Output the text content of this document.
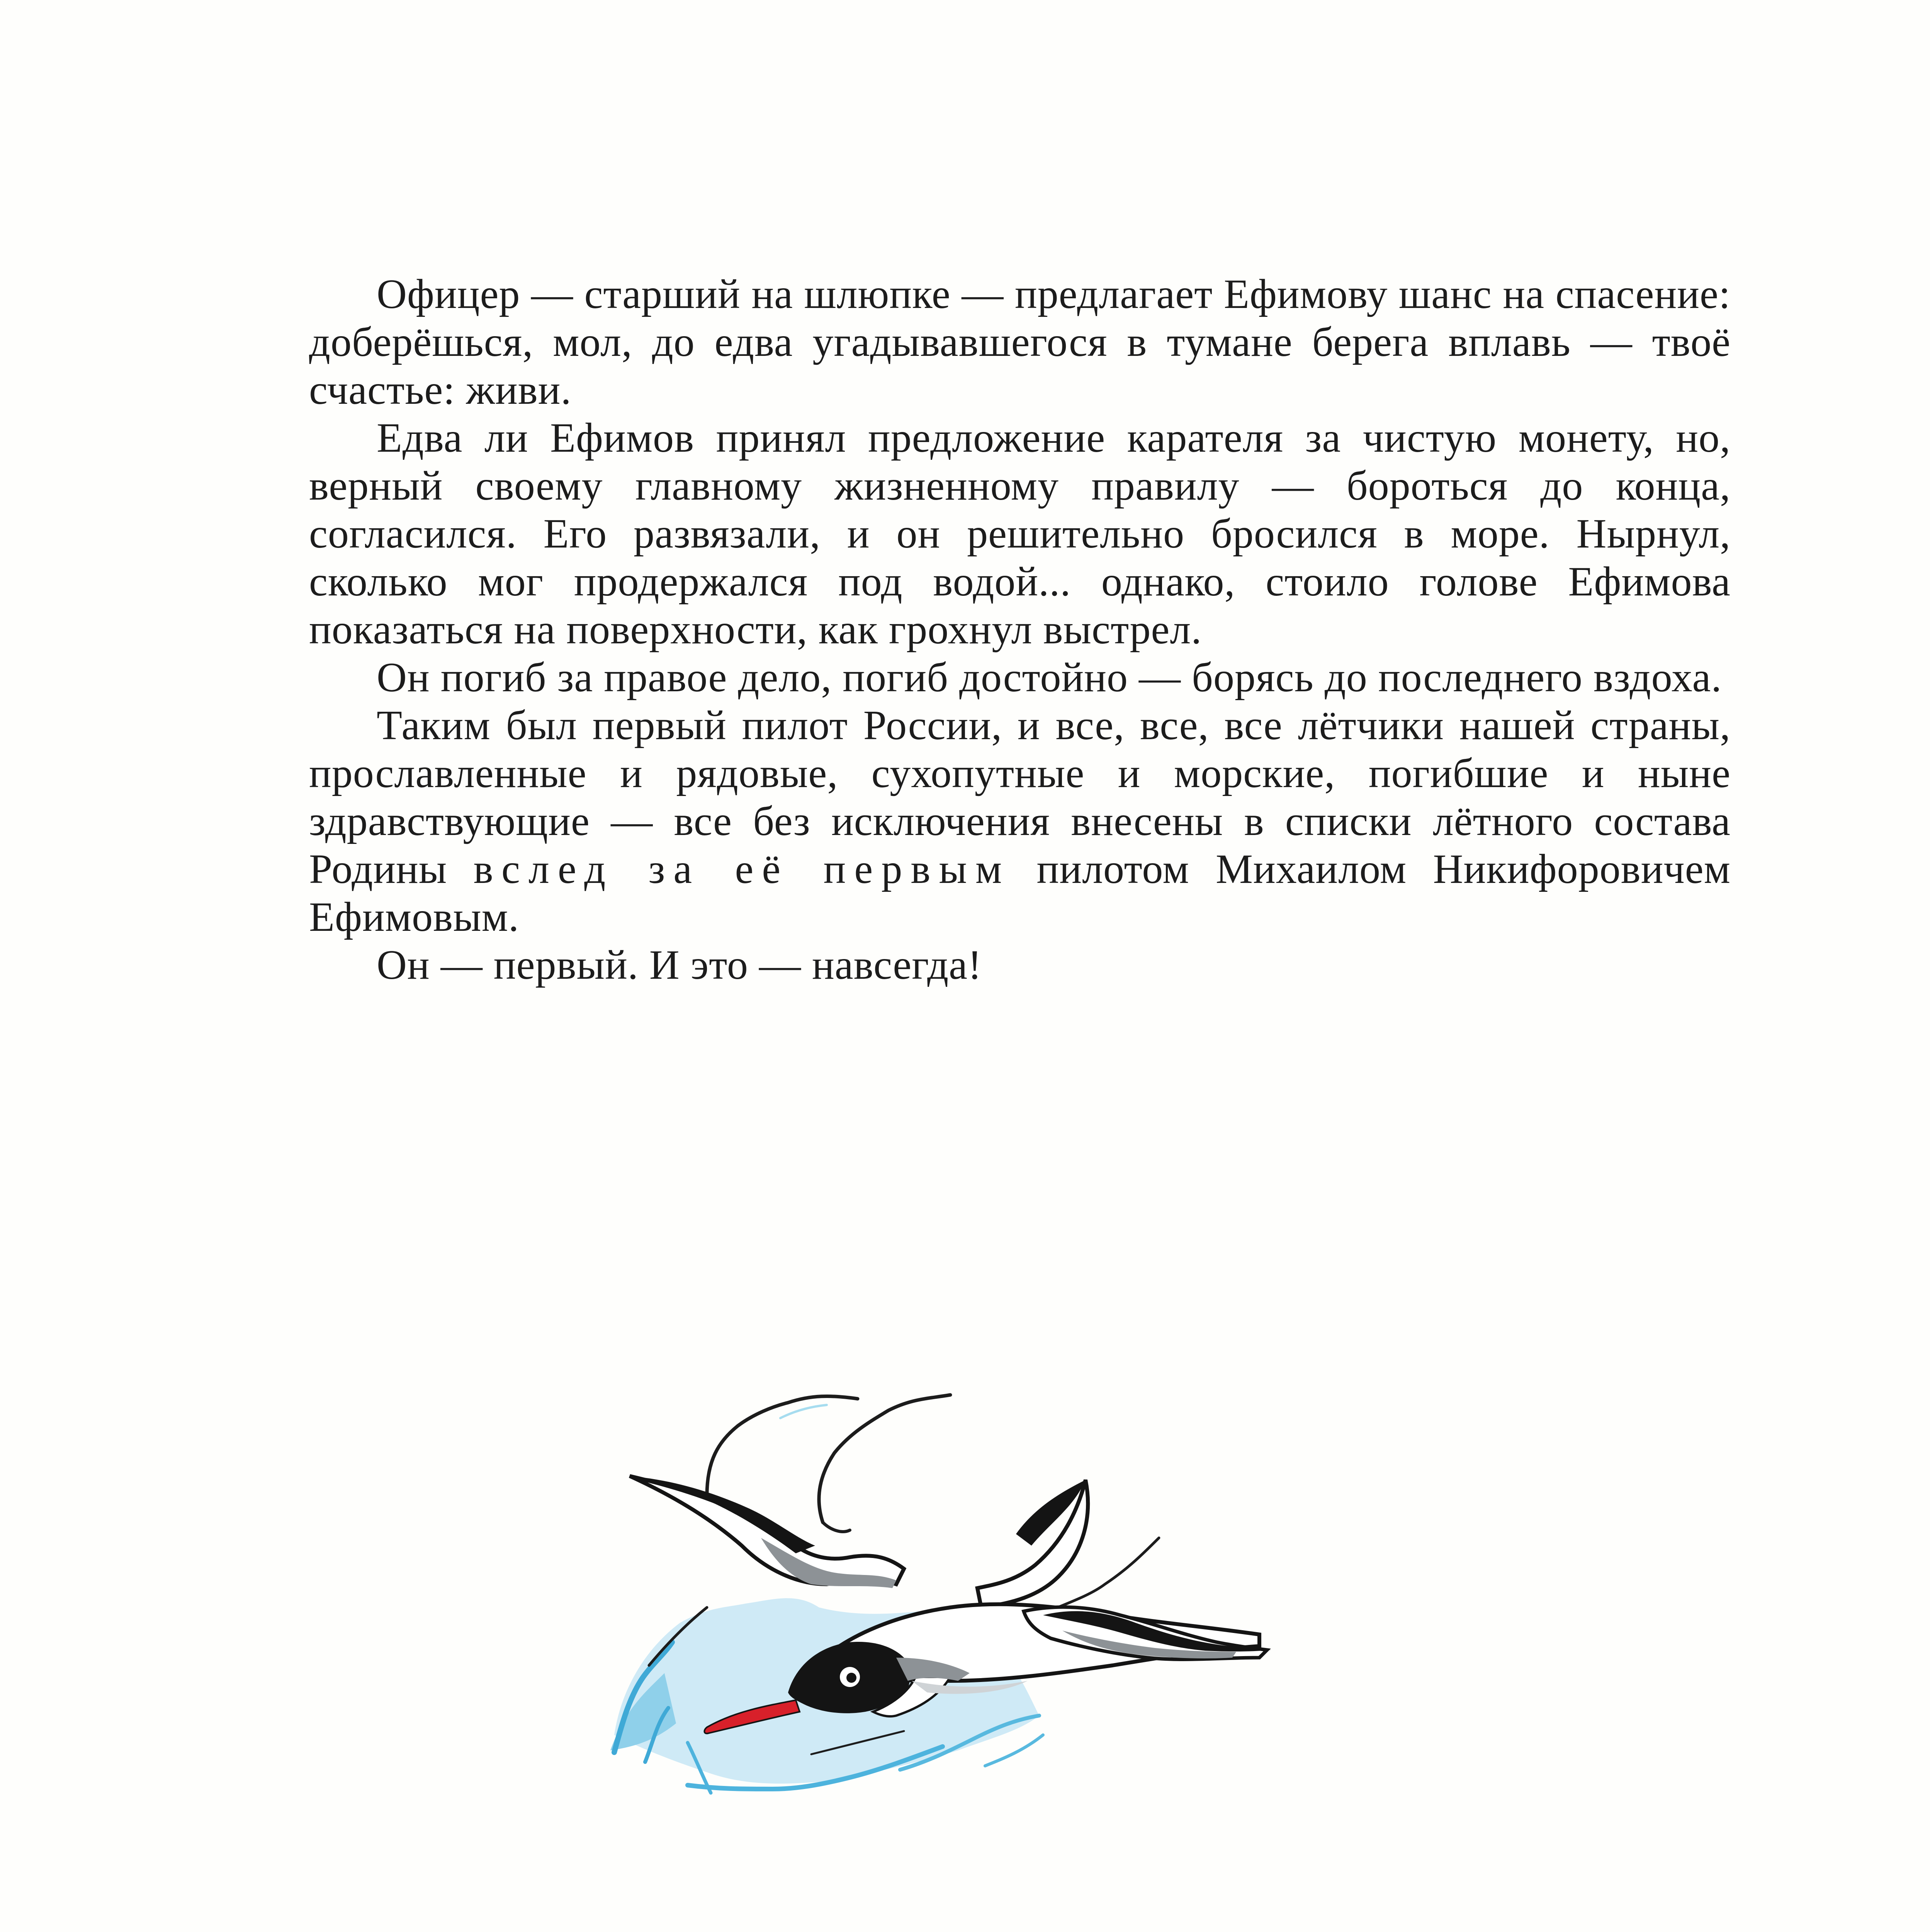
Офицер — старший на шлюпке — предлагает Ефимову шанс на спасение: доберёшься, мол, до едва угадывавшегося в тумане берега вплавь — твоё счастье: живи.

Едва ли Ефимов принял предложение карателя за чистую монету, но, верный своему главному жизненному правилу — бороться до конца, согласился. Его развязали, и он решительно бросился в море. Нырнул, сколько мог продержался под водой... однако, стоило голове Ефимова показаться на поверхности, как грохнул выстрел.

Он погиб за правое дело, погиб достойно — борясь до последнего вздоха.

Таким был первый пилот России, и все, все, все лётчики нашей страны, прославленные и рядовые, сухопутные и морские, погибшие и ныне здравствующие — все без исключения внесены в списки лётного состава Родины вслед за её первым пилотом Михаилом Никифоровичем Ефимовым.

Он — первый. И это — навсегда!
